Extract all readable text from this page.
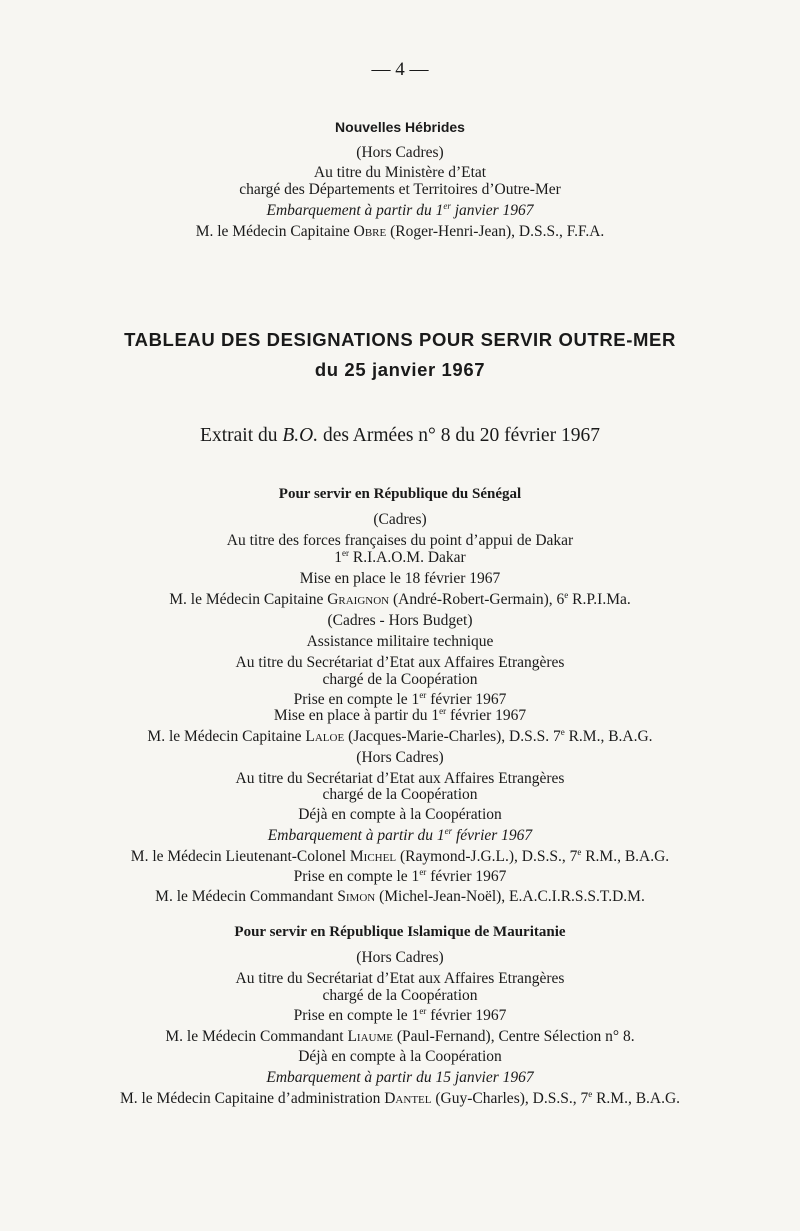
— 4 —
Nouvelles Hébrides
(Hors Cadres)
Au titre du Ministère d’Etat
chargé des Départements et Territoires d’Outre-Mer
Embarquement à partir du 1er janvier 1967
M. le Médecin Capitaine Obre (Roger-Henri-Jean), D.S.S., F.F.A.
TABLEAU DES DESIGNATIONS POUR SERVIR OUTRE-MER
du 25 janvier 1967
Extrait du B.O. des Armées n° 8 du 20 février 1967
Pour servir en République du Sénégal
(Cadres)
Au titre des forces françaises du point d’appui de Dakar
1er R.I.A.O.M. Dakar
Mise en place le 18 février 1967
M. le Médecin Capitaine Graignon (André-Robert-Germain), 6e R.P.I.Ma.
(Cadres - Hors Budget)
Assistance militaire technique
Au titre du Secrétariat d’Etat aux Affaires Etrangères
chargé de la Coopération
Prise en compte le 1er février 1967
Mise en place à partir du 1er février 1967
M. le Médecin Capitaine Laloe (Jacques-Marie-Charles), D.S.S. 7e R.M., B.A.G.
(Hors Cadres)
Au titre du Secrétariat d’Etat aux Affaires Etrangères
chargé de la Coopération
Déjà en compte à la Coopération
Embarquement à partir du 1er février 1967
M. le Médecin Lieutenant-Colonel Michel (Raymond-J.G.L.), D.S.S., 7e R.M., B.A.G.
Prise en compte le 1er février 1967
M. le Médecin Commandant Simon (Michel-Jean-Noël), E.A.C.I.R.S.S.T.D.M.
Pour servir en République Islamique de Mauritanie
(Hors Cadres)
Au titre du Secrétariat d’Etat aux Affaires Etrangères
chargé de la Coopération
Prise en compte le 1er février 1967
M. le Médecin Commandant Liaume (Paul-Fernand), Centre Sélection n° 8.
Déjà en compte à la Coopération
Embarquement à partir du 15 janvier 1967
M. le Médecin Capitaine d’administration Dantel (Guy-Charles), D.S.S., 7e R.M., B.A.G.
